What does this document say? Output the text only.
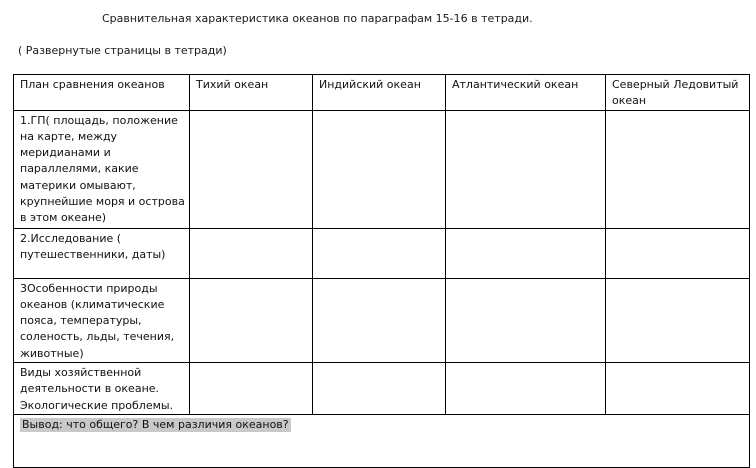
Сравнительная характеристика океанов по параграфам 15-16 в тетради.
( Развернутые страницы в тетради)
План сравнения океанов	Тихий океан	Индийский океан	Атлантический океан	Северный Ледовитый океан
1.ГП( площадь, положение на карте, между меридианами и параллелями, какие материки омывают, крупнейшие моря и острова в этом океане)				
2.Исследование ( путешественники, даты)				
3Особенности природы океанов (климатические пояса, температуры, соленость, льды, течения, животные)				
Виды хозяйственной деятельности в океане. Экологические проблемы.				
Вывод: что общего? В чем различия океанов?				
